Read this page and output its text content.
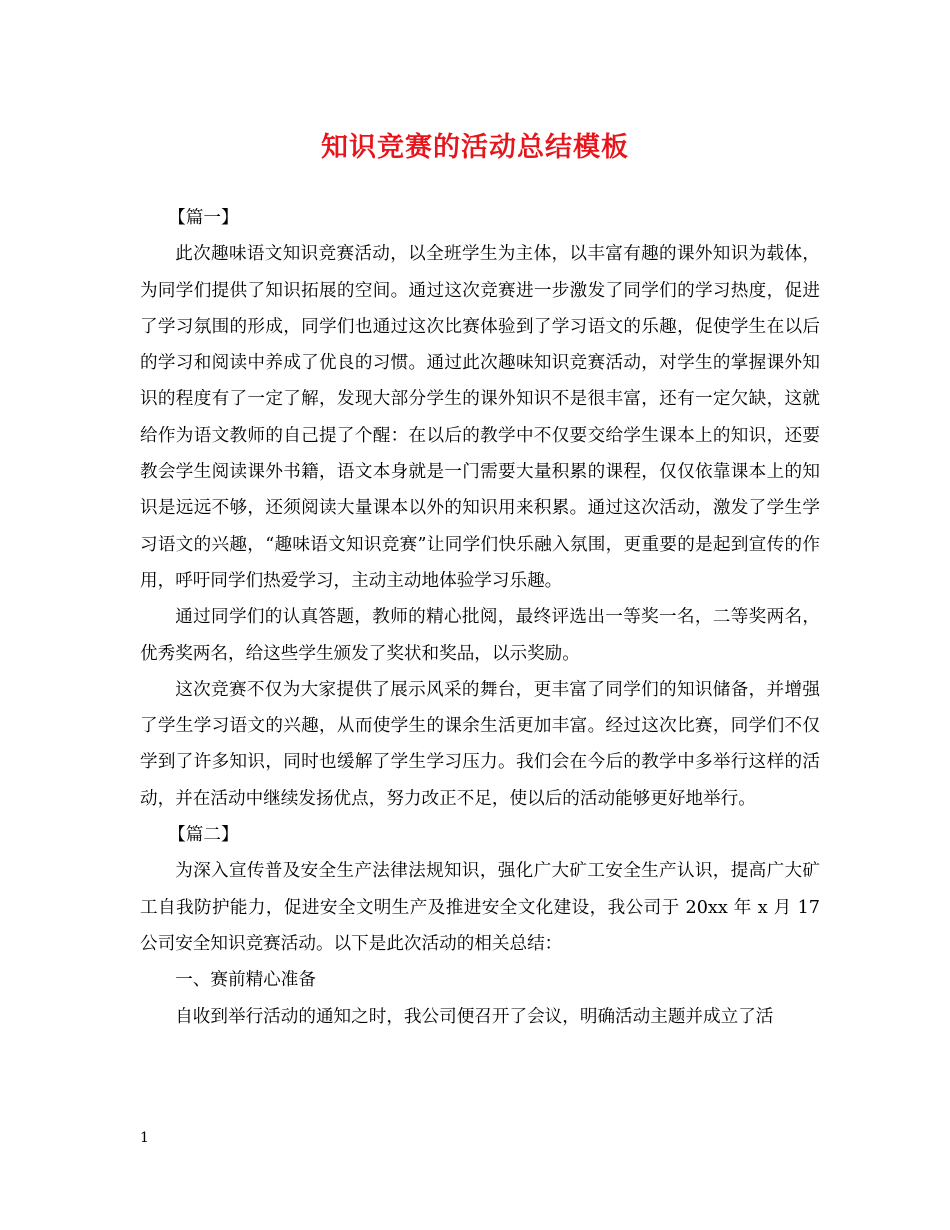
知识竞赛的活动总结模板

【篇一】

此次趣味语文知识竞赛活动，以全班学生为主体，以丰富有趣的课外知识为载体，为同学们提供了知识拓展的空间。通过这次竞赛进一步激发了同学们的学习热度，促进了学习氛围的形成，同学们也通过这次比赛体验到了学习语文的乐趣，促使学生在以后的学习和阅读中养成了优良的习惯。通过此次趣味知识竞赛活动，对学生的掌握课外知识的程度有了一定了解，发现大部分学生的课外知识不是很丰富，还有一定欠缺，这就给作为语文教师的自己提了个醒：在以后的教学中不仅要交给学生课本上的知识，还要教会学生阅读课外书籍，语文本身就是一门需要大量积累的课程，仅仅依靠课本上的知识是远远不够，还须阅读大量课本以外的知识用来积累。通过这次活动，激发了学生学习语文的兴趣，“趣味语文知识竞赛”让同学们快乐融入氛围，更重要的是起到宣传的作用，呼吁同学们热爱学习，主动主动地体验学习乐趣。

通过同学们的认真答题，教师的精心批阅，最终评选出一等奖一名，二等奖两名，优秀奖两名，给这些学生颁发了奖状和奖品，以示奖励。

这次竞赛不仅为大家提供了展示风采的舞台，更丰富了同学们的知识储备，并增强了学生学习语文的兴趣，从而使学生的课余生活更加丰富。经过这次比赛，同学们不仅学到了许多知识，同时也缓解了学生学习压力。我们会在今后的教学中多举行这样的活动，并在活动中继续发扬优点，努力改正不足，使以后的活动能够更好地举行。

【篇二】

为深入宣传普及安全生产法律法规知识，强化广大矿工安全生产认识，提高广大矿工自我防护能力，促进安全文明生产及推进安全文化建设，我公司于 20xx 年 x 月 17 公司安全知识竞赛活动。以下是此次活动的相关总结：

一、赛前精心准备

自收到举行活动的通知之时，我公司便召开了会议，明确活动主题并成立了活

1
